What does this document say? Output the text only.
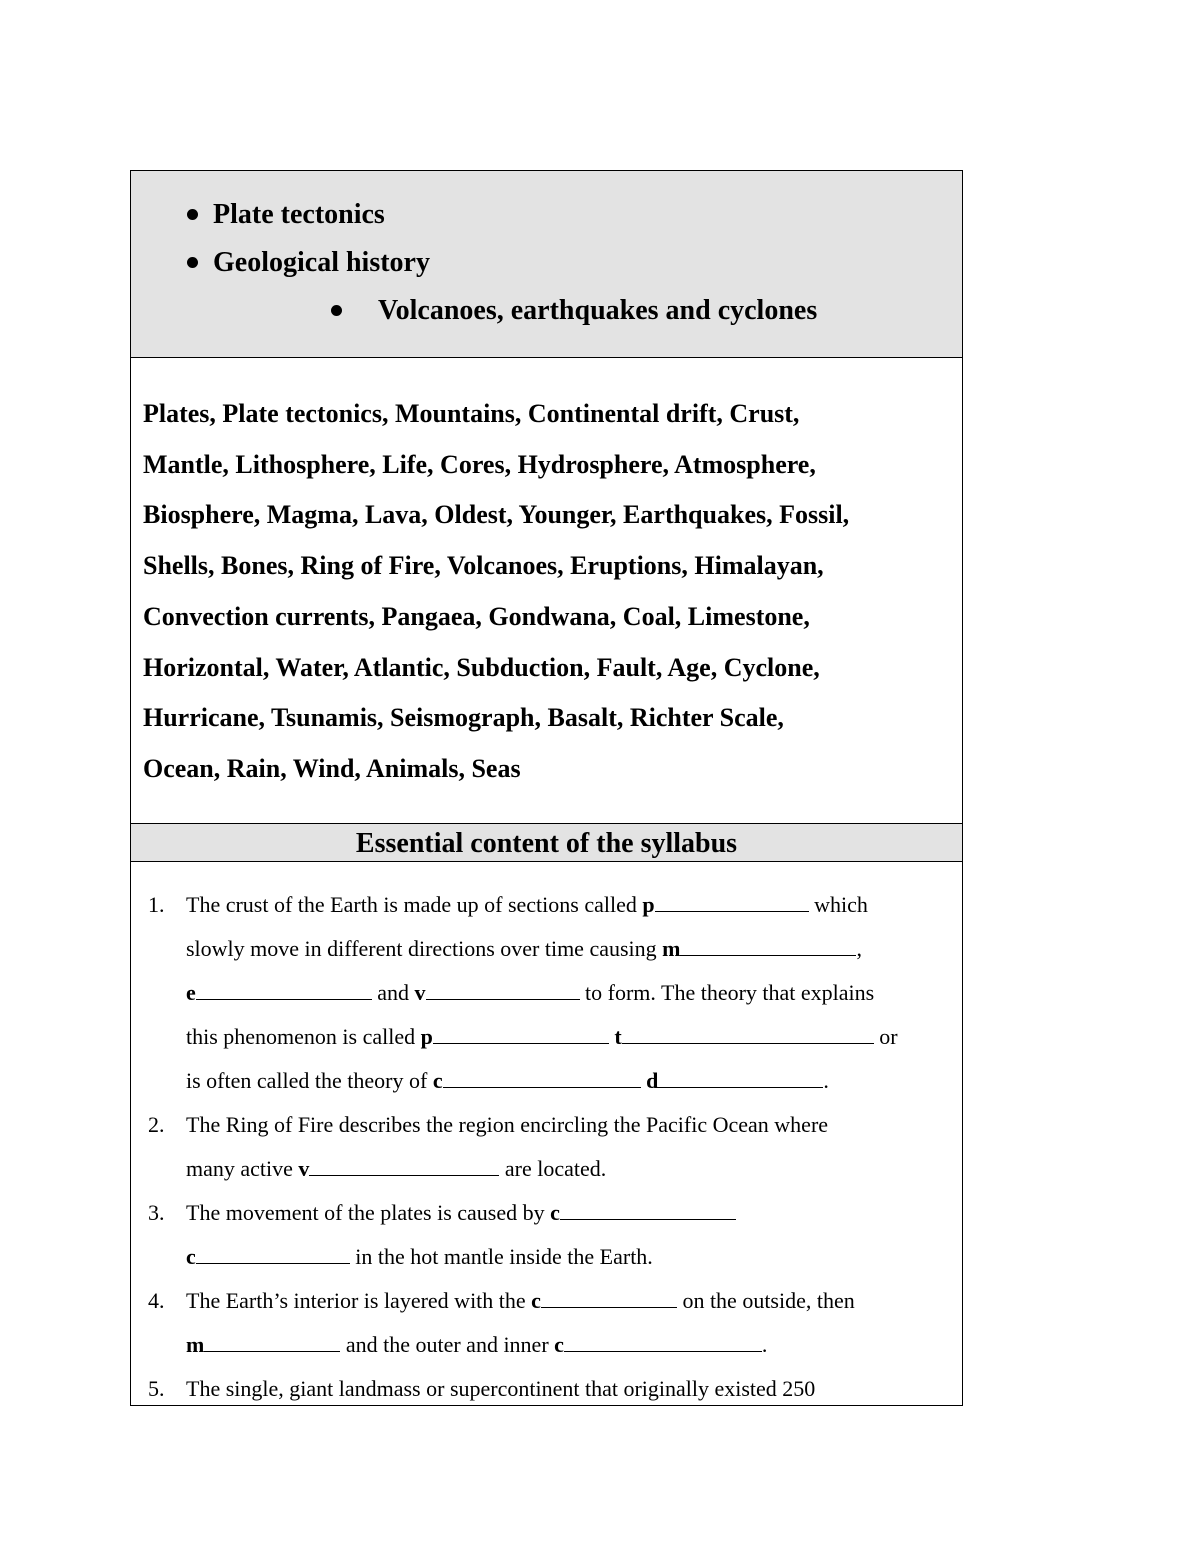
Plate tectonics
Geological history
Volcanoes, earthquakes and cyclones
Plates, Plate tectonics, Mountains, Continental drift, Crust,
Mantle, Lithosphere, Life, Cores, Hydrosphere, Atmosphere,
Biosphere, Magma, Lava, Oldest, Younger, Earthquakes, Fossil,
Shells, Bones, Ring of Fire, Volcanoes, Eruptions, Himalayan,
Convection currents, Pangaea, Gondwana, Coal, Limestone,
Horizontal, Water, Atlantic, Subduction, Fault, Age, Cyclone,
Hurricane, Tsunamis, Seismograph, Basalt, Richter Scale,
Ocean, Rain, Wind, Animals, Seas
Essential content of the syllabus
1. The crust of the Earth is made up of sections called p	which
slowly move in different directions over time causing m	,
e	and v	to form. The theory that explains
this phenomenon is called p	t	or
is often called the theory of c	d	.
2. The Ring of Fire describes the region encircling the Pacific Ocean where
many active v	are located.
3. The movement of the plates is caused by c
c	in the hot mantle inside the Earth.
4. The Earth’s interior is layered with the c	on the outside, then
m	and the outer and inner c	.
5. The single, giant landmass or supercontinent that originally existed 250
